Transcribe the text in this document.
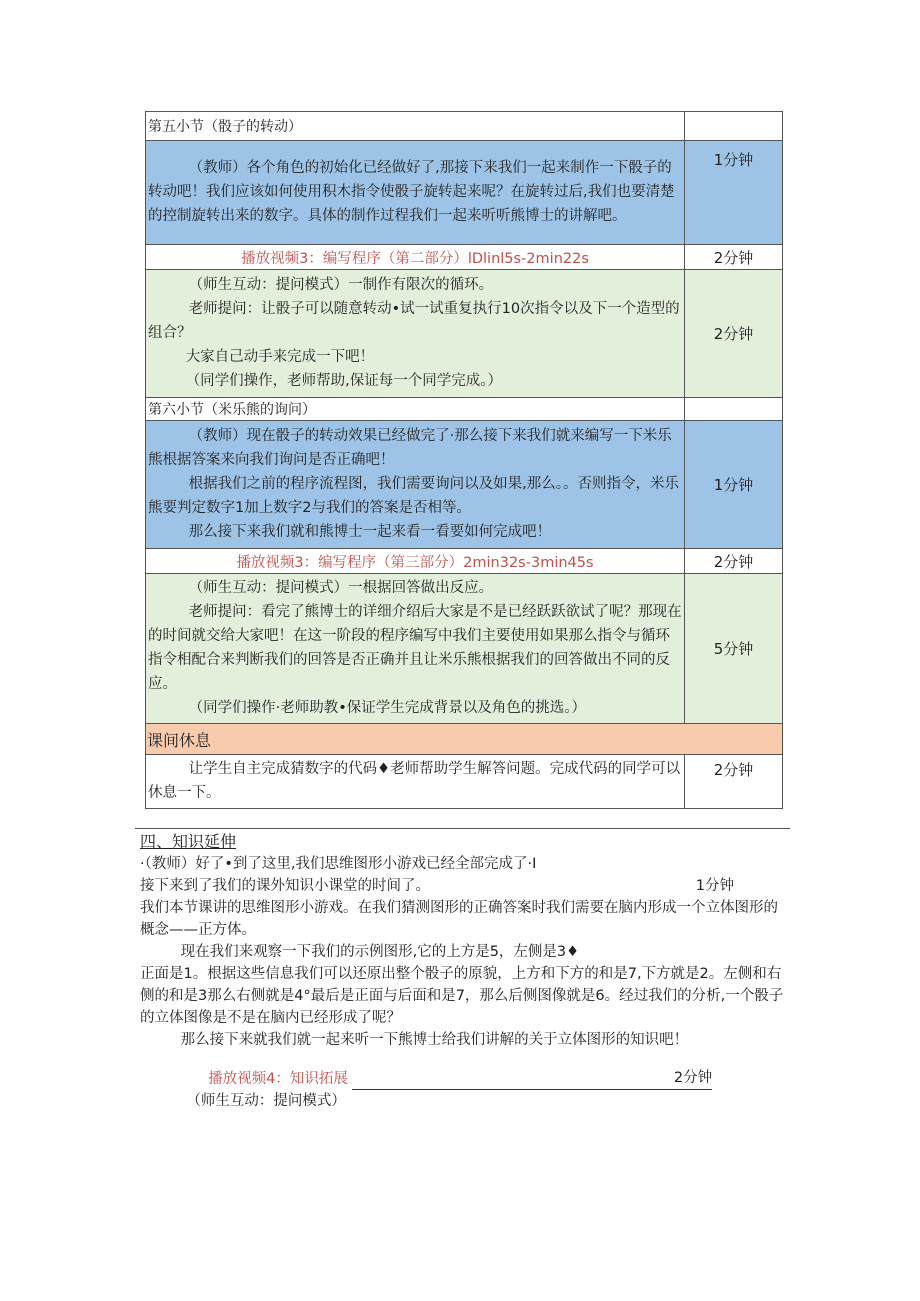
第五小节（骰子的转动）	

（教师）各个角色的初始化已经做好了,那接下来我们一起来制作一下骰子的转动吧！我们应该如何使用积木指令使骰子旋转起来呢？在旋转过后,我们也要清楚的控制旋转出来的数字。具体的制作过程我们一起来听听熊博士的讲解吧。	1分钟
播放视频3：编写程序（第二部分）lDlinl5s-2min22s	2分钟

（师生互动：提问模式）一制作有限次的循环。

老师提问：让骰子可以随意转动•试一试重复执行10次指令以及下一个造型的组合？

大家自己动手来完成一下吧！

（同学们操作，老师帮助,保证每一个同学完成。）	2分钟
第六小节（米乐熊的询问）	

（教师）现在骰子的转动效果已经做完了·那么接下来我们就来编写一下米乐熊根据答案来向我们询问是否正确吧！

根据我们之前的程序流程图，我们需要询问以及如果,那么。。否则指令，米乐熊要判定数字1加上数字2与我们的答案是否相等。

那么接下来我们就和熊博士一起来看一看要如何完成吧！	1分钟
播放视频3：编写程序（第三部分）2min32s-3min45s	2分钟

（师生互动：提问模式）一根据回答做出反应。

老师提问：看完了熊博士的详细介绍后大家是不是已经跃跃欲试了呢？那现在的时间就交给大家吧！在这一阶段的程序编写中我们主要使用如果那么指令与循环指令相配合来判断我们的回答是否正确并且让米乐熊根据我们的回答做出不同的反应。

（同学们操作·老师助教•保证学生完成背景以及角色的挑选。）	5分钟
课间休息	

让学生自主完成猜数字的代码♦老师帮助学生解答问题。完成代码的同学可以休息一下。	2分钟

四、知识延伸

·（教师）好了•到了这里,我们思维图形小游戏已经全部完成了·I

接下来到了我们的课外知识小课堂的时间了。	1分钟

我们本节课讲的思维图形小游戏。在我们猜测图形的正确答案时我们需要在脑内形成一个立体图形的概念——正方体。

现在我们来观察一下我们的示例图形,它的上方是5，左侧是3♦

正面是1。根据这些信息我们可以还原出整个骰子的原貌，上方和下方的和是7,下方就是2。左侧和右侧的和是3那么右侧就是4°最后是正面与后面和是7，那么后侧图像就是6。经过我们的分析,一个骰子的立体图像是不是在脑内已经形成了呢？

那么接下来就我们就一起来听一下熊博士给我们讲解的关于立体图形的知识吧！

播放视频4：知识拓展	2分钟

（师生互动：提问模式）
